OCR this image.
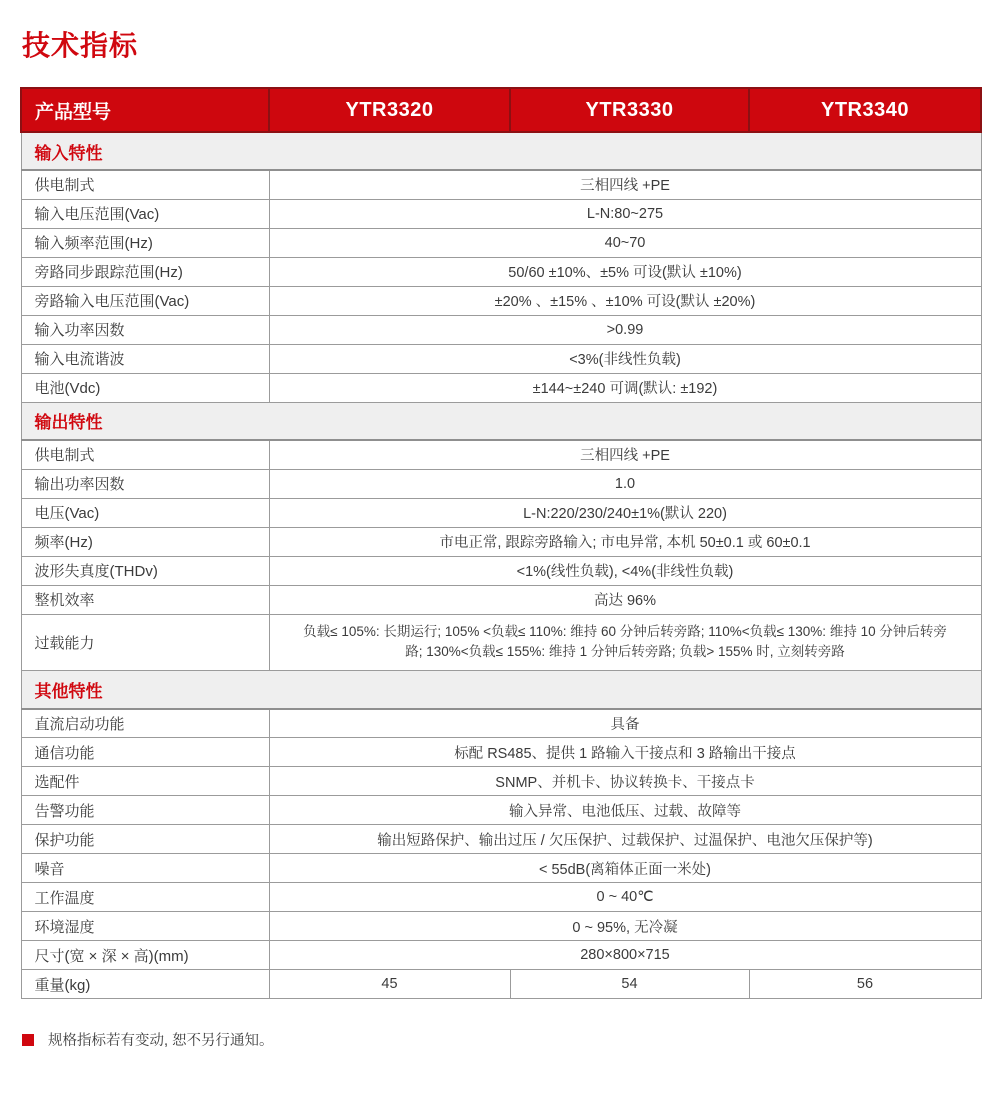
技术指标
产品型号	YTR3320	YTR3330	YTR3340
输入特性			
供电制式	三相四线 +PE		
输入电压范围(Vac)	L-N:80~275		
输入频率范围(Hz)	40~70		
旁路同步跟踪范围(Hz)	50/60 ±10%、±5% 可设(默认 ±10%)		
旁路输入电压范围(Vac)	±20% 、±15% 、±10% 可设(默认 ±20%)		
输入功率因数	>0.99		
输入电流谐波	<3%(非线性负载)		
电池(Vdc)	±144~±240 可调(默认: ±192)		
输出特性			
供电制式	三相四线 +PE		
输出功率因数	1.0		
电压(Vac)	L-N:220/230/240±1%(默认 220)		
频率(Hz)	市电正常, 跟踪旁路输入; 市电异常, 本机 50±0.1 或 60±0.1		
波形失真度(THDv)	<1%(线性负载), <4%(非线性负载)		
整机效率	高达 96%		
过载能力	负载≤ 105%: 长期运行; 105% <负载≤ 110%: 维持 60 分钟后转旁路; 110%<负载≤ 130%: 维持 10 分钟后转旁路; 130%<负载≤ 155%: 维持 1 分钟后转旁路; 负载> 155% 时, 立刻转旁路		
其他特性			
直流启动功能	具备		
通信功能	标配 RS485、提供 1 路输入干接点和 3 路输出干接点		
选配件	SNMP、并机卡、协议转换卡、干接点卡		
告警功能	输入异常、电池低压、过载、故障等		
保护功能	输出短路保护、输出过压 / 欠压保护、过载保护、过温保护、电池欠压保护等)		
噪音	< 55dB(离箱体正面一米处)		
工作温度	0 ~ 40℃		
环境湿度	0 ~ 95%, 无冷凝		
尺寸(宽 × 深 × 高)(mm)	280×800×715		
重量(kg)	45	54	56
规格指标若有变动, 恕不另行通知。
